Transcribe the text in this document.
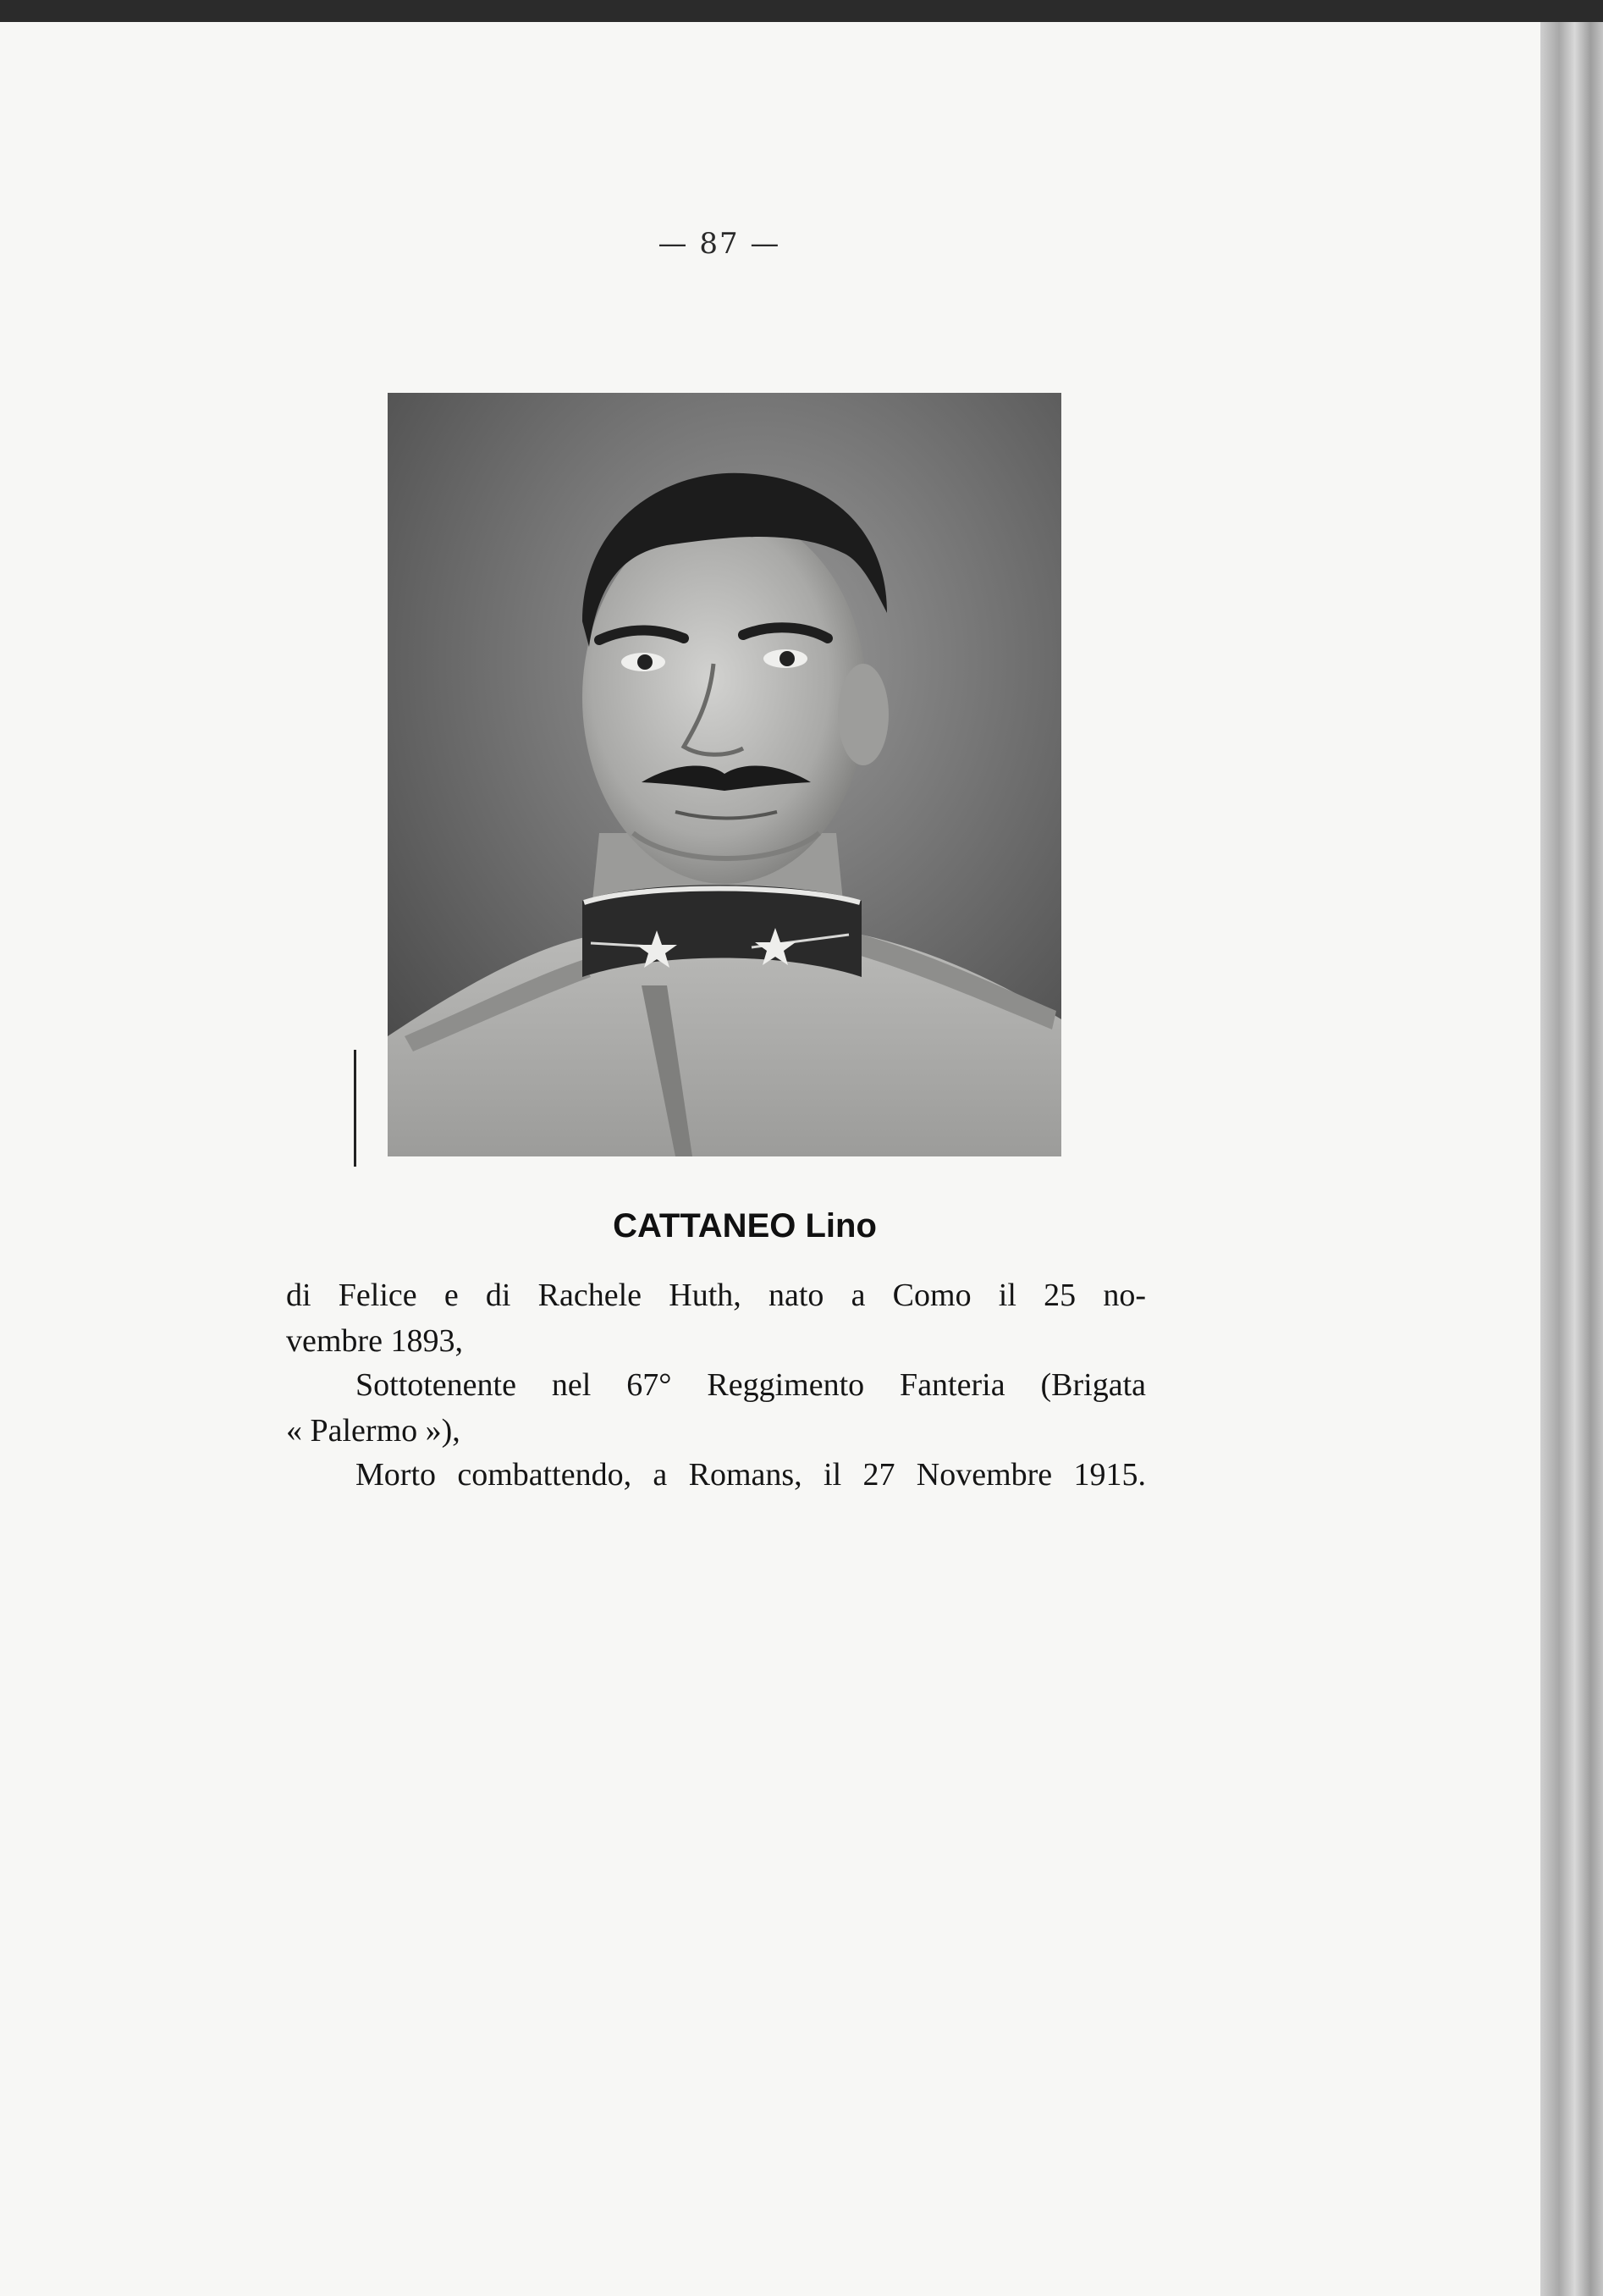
— 87 —
CATTANEO Lino
di Felice e di Rachele Huth, nato a Como il 25 no-
vembre 1893,
Sottotenente nel 67° Reggimento Fanteria (Brigata
« Palermo »),
Morto combattendo, a Romans, il 27 Novembre 1915.
